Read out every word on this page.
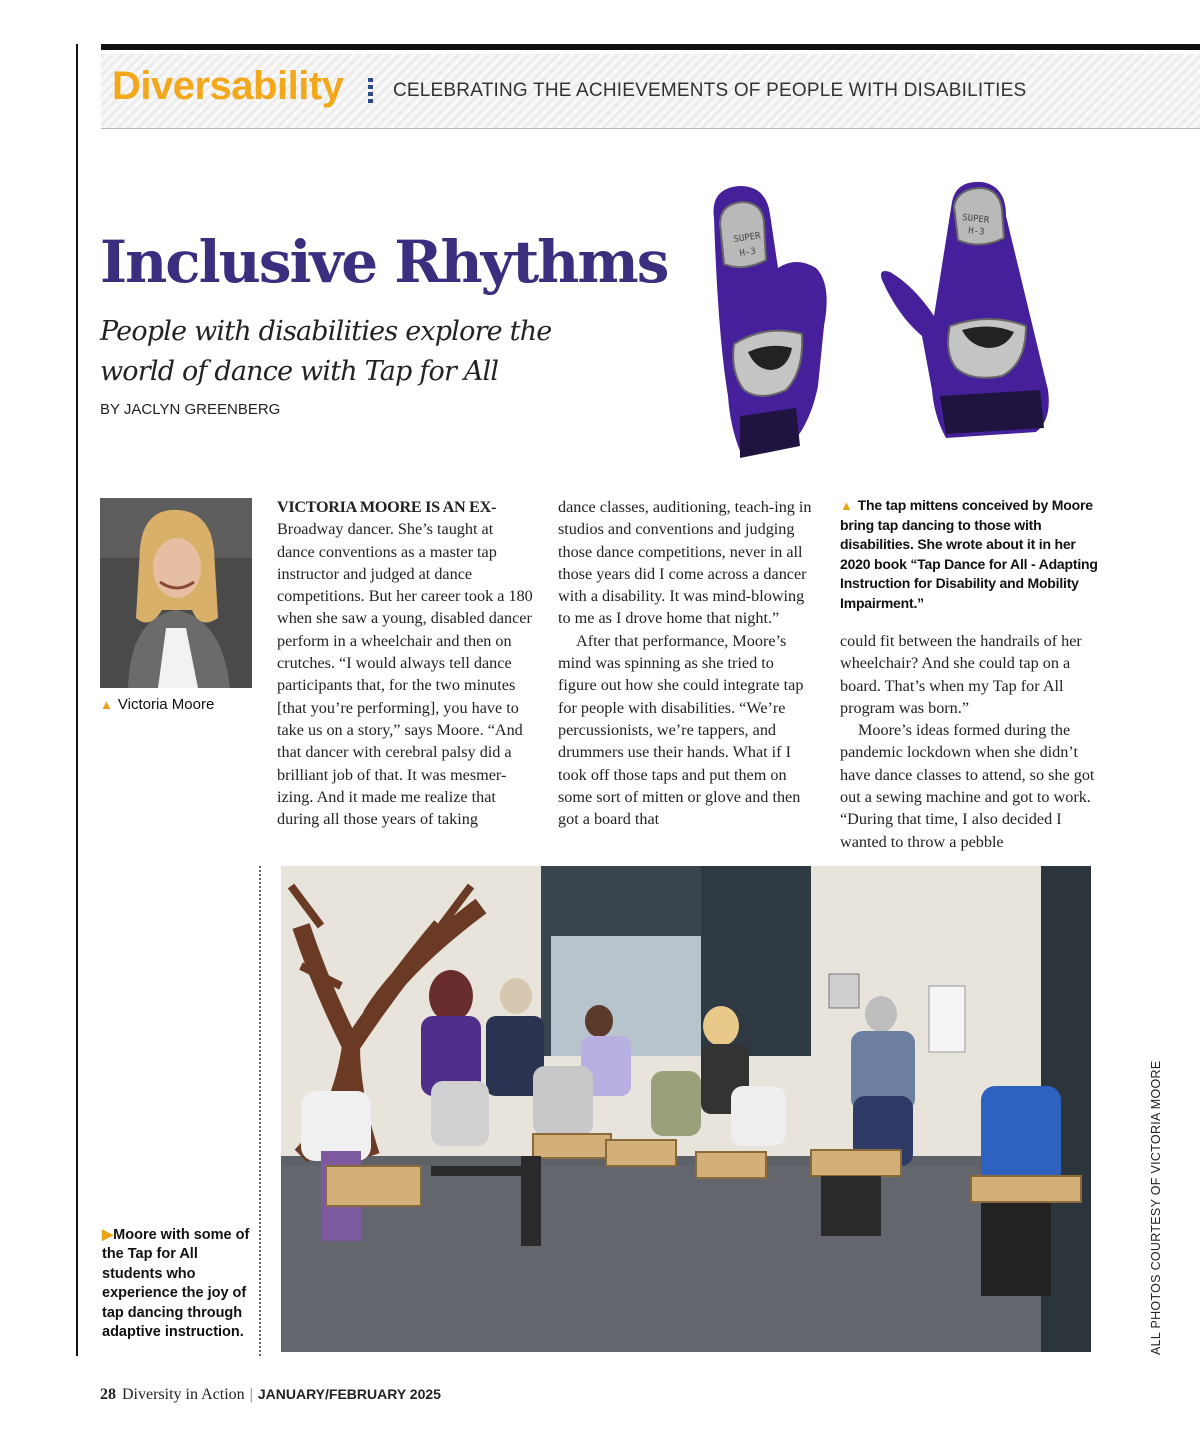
Diversability	CELEBRATING THE ACHIEVEMENTS OF PEOPLE WITH DISABILITIES
Inclusive Rhythms
People with disabilities explore the world of dance with Tap for All
BY JACLYN GREENBERG
SUPER
H-3
SUPER
H-3
▲ Victoria Moore

VICTORIA MOORE IS AN EX-
Broadway dancer. She’s taught at dance conventions as a master tap instructor and judged at dance competitions. But her career took a 180 when she saw a young, disabled dancer perform in a wheelchair and then on crutches. “I would always tell dance participants that, for the two minutes [that you’re performing], you have to take us on a story,” says Moore. “And that dancer with cerebral palsy did a brilliant job of that. It was mesmer-izing. And it made me realize that during all those years of taking

dance classes, auditioning, teach-ing in studios and conventions and judging those dance competitions, never in all those years did I come across a dancer with a disability. It was mind-blowing to me as I drove home that night.”

After that performance, Moore’s mind was spinning as she tried to figure out how she could integrate tap for people with disabilities. “We’re percussionists, we’re tappers, and drummers use their hands. What if I took off those taps and put them on some sort of mitten or glove and then got a board that

▲ The tap mittens conceived by Moore bring tap dancing to those with disabilities. She wrote about it in her 2020 book “Tap Dance for All - Adapting Instruction for Disability and Mobility Impairment.”

could fit between the handrails of her wheelchair? And she could tap on a board. That’s when my Tap for All program was born.”

Moore’s ideas formed during the pandemic lockdown when she didn’t have dance classes to attend, so she got out a sewing machine and got to work. “During that time, I also decided I wanted to throw a pebble

▶Moore with some of the Tap for All students who experience the joy of tap dancing through adaptive instruction.	ALL PHOTOS COURTESY OF VICTORIA MOORE
28 Diversity in Action | JANUARY/FEBRUARY 2025
